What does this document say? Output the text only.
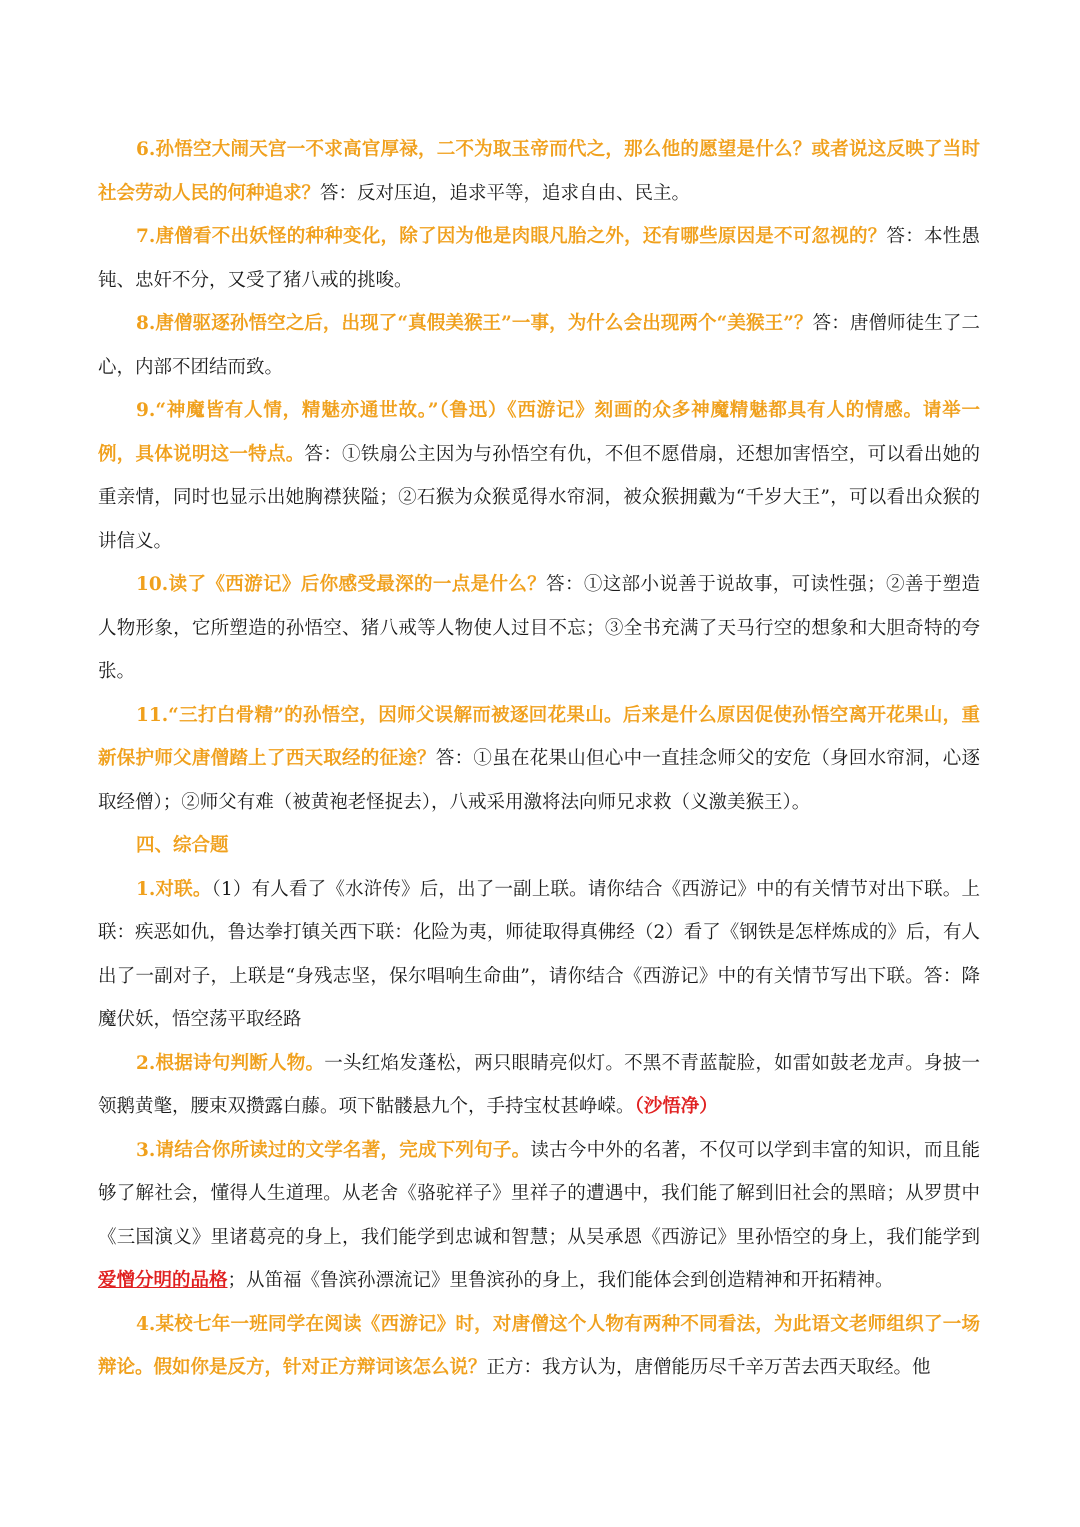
6.孙悟空大闹天宫一不求高官厚禄，二不为取玉帝而代之，那么他的愿望是什么？或者说这反映了当时社会劳动人民的何种追求？答：反对压迫，追求平等，追求自由、民主。

7.唐僧看不出妖怪的种种变化，除了因为他是肉眼凡胎之外，还有哪些原因是不可忽视的？答：本性愚钝、忠奸不分，又受了猪八戒的挑唆。

8.唐僧驱逐孙悟空之后，出现了“真假美猴王”一事，为什么会出现两个“美猴王”？答：唐僧师徒生了二心，内部不团结而致。

9.“神魔皆有人情，精魅亦通世故。”（鲁迅）《西游记》刻画的众多神魔精魅都具有人的情感。请举一例，具体说明这一特点。答：①铁扇公主因为与孙悟空有仇，不但不愿借扇，还想加害悟空，可以看出她的重亲情，同时也显示出她胸襟狭隘；②石猴为众猴觅得水帘洞，被众猴拥戴为“千岁大王”，可以看出众猴的讲信义。

10.读了《西游记》后你感受最深的一点是什么？答：①这部小说善于说故事，可读性强；②善于塑造人物形象，它所塑造的孙悟空、猪八戒等人物使人过目不忘；③全书充满了天马行空的想象和大胆奇特的夸张。

11.“三打白骨精”的孙悟空，因师父误解而被逐回花果山。后来是什么原因促使孙悟空离开花果山，重新保护师父唐僧踏上了西天取经的征途？答：①虽在花果山但心中一直挂念师父的安危（身回水帘洞，心逐取经僧）；②师父有难（被黄袍老怪捉去），八戒采用激将法向师兄求救（义激美猴王）。

四、综合题

1.对联。（1）有人看了《水浒传》后，出了一副上联。请你结合《西游记》中的有关情节对出下联。上联：疾恶如仇，鲁达拳打镇关西下联：化险为夷，师徒取得真佛经（2）看了《钢铁是怎样炼成的》后，有人出了一副对子，上联是“身残志坚，保尔唱响生命曲”，请你结合《西游记》中的有关情节写出下联。答：降魔伏妖，悟空荡平取经路

2.根据诗句判断人物。一头红焰发蓬松，两只眼睛亮似灯。不黑不青蓝靛脸，如雷如鼓老龙声。身披一领鹅黄氅，腰束双攒露白藤。项下骷髅悬九个，手持宝杖甚峥嵘。（沙悟净）

3.请结合你所读过的文学名著，完成下列句子。读古今中外的名著，不仅可以学到丰富的知识，而且能够了解社会，懂得人生道理。从老舍《骆驼祥子》里祥子的遭遇中，我们能了解到旧社会的黑暗；从罗贯中《三国演义》里诸葛亮的身上，我们能学到忠诚和智慧；从吴承恩《西游记》里孙悟空的身上，我们能学到爱憎分明的品格；从笛福《鲁滨孙漂流记》里鲁滨孙的身上，我们能体会到创造精神和开拓精神。

4.某校七年一班同学在阅读《西游记》时，对唐僧这个人物有两种不同看法，为此语文老师组织了一场辩论。假如你是反方，针对正方辩词该怎么说？正方：我方认为，唐僧能历尽千辛万苦去西天取经。他
